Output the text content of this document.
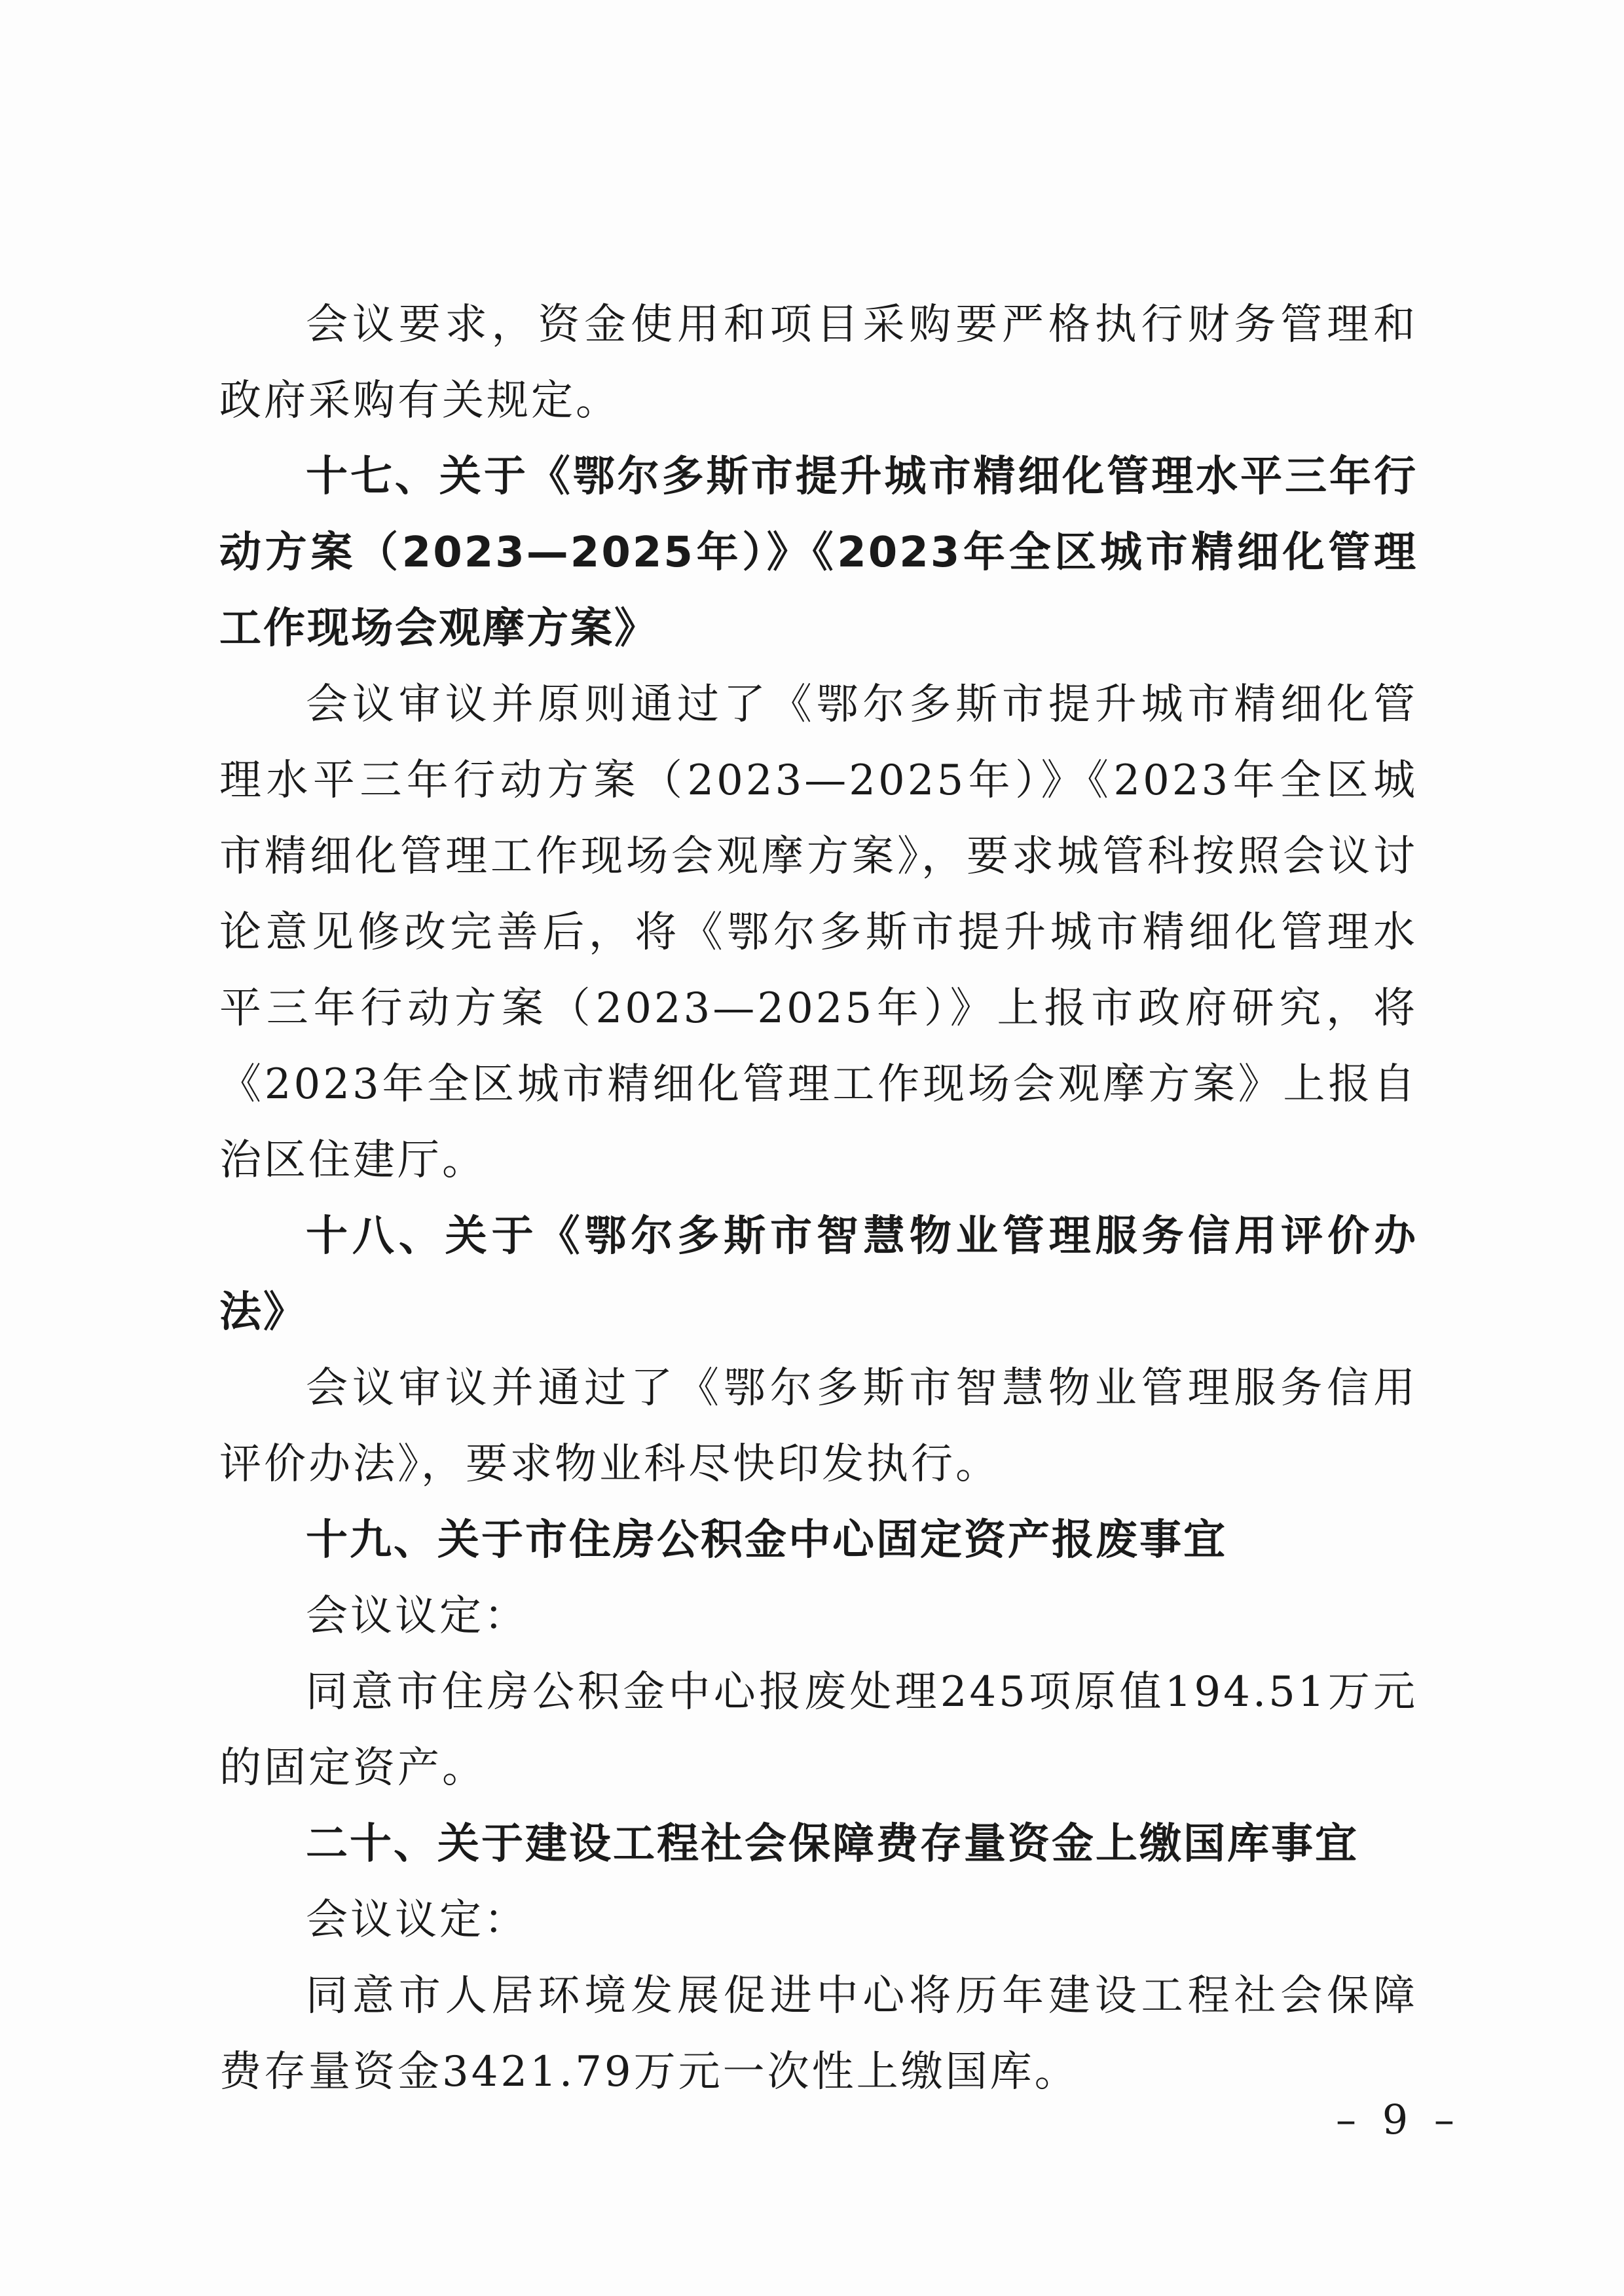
会议要求，资金使用和项目采购要严格执行财务管理和政府采购有关规定。

十七、关于《鄂尔多斯市提升城市精细化管理水平三年行动方案（2023—2025年）》《2023年全区城市精细化管理工作现场会观摩方案》

会议审议并原则通过了《鄂尔多斯市提升城市精细化管理水平三年行动方案（2023—2025年）》《2023年全区城市精细化管理工作现场会观摩方案》，要求城管科按照会议讨论意见修改完善后，将《鄂尔多斯市提升城市精细化管理水平三年行动方案（2023—2025年）》上报市政府研究，将《2023年全区城市精细化管理工作现场会观摩方案》上报自治区住建厅。

十八、关于《鄂尔多斯市智慧物业管理服务信用评价办法》

会议审议并通过了《鄂尔多斯市智慧物业管理服务信用评价办法》，要求物业科尽快印发执行。

十九、关于市住房公积金中心固定资产报废事宜

会议议定：

同意市住房公积金中心报废处理245项原值194.51万元的固定资产。

二十、关于建设工程社会保障费存量资金上缴国库事宜

会议议定：

同意市人居环境发展促进中心将历年建设工程社会保障费存量资金3421.79万元一次性上缴国库。

– 9 –
